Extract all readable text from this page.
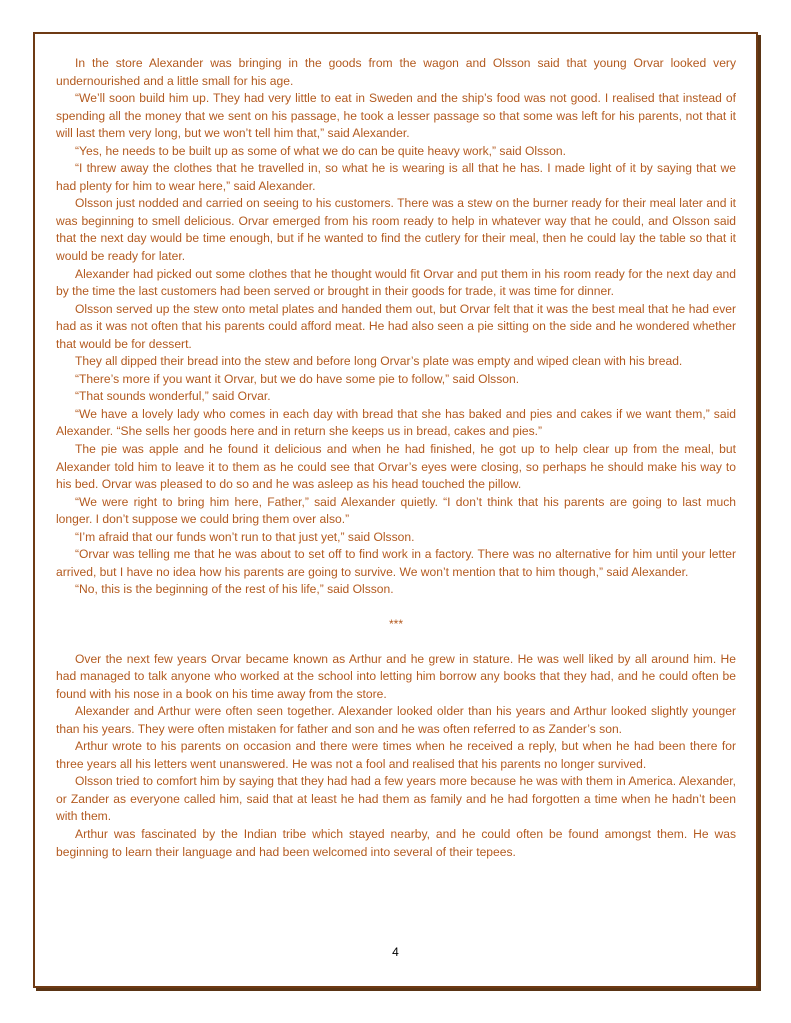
In the store Alexander was bringing in the goods from the wagon and Olsson said that young Orvar looked very undernourished and a little small for his age.

“We’ll soon build him up. They had very little to eat in Sweden and the ship’s food was not good. I realised that instead of spending all the money that we sent on his passage, he took a lesser passage so that some was left for his parents, not that it will last them very long, but we won’t tell him that,” said Alexander.

“Yes, he needs to be built up as some of what we do can be quite heavy work,” said Olsson.

“I threw away the clothes that he travelled in, so what he is wearing is all that he has. I made light of it by saying that we had plenty for him to wear here,” said Alexander.

Olsson just nodded and carried on seeing to his customers. There was a stew on the burner ready for their meal later and it was beginning to smell delicious. Orvar emerged from his room ready to help in whatever way that he could, and Olsson said that the next day would be time enough, but if he wanted to find the cutlery for their meal, then he could lay the table so that it would be ready for later.

Alexander had picked out some clothes that he thought would fit Orvar and put them in his room ready for the next day and by the time the last customers had been served or brought in their goods for trade, it was time for dinner.

Olsson served up the stew onto metal plates and handed them out, but Orvar felt that it was the best meal that he had ever had as it was not often that his parents could afford meat. He had also seen a pie sitting on the side and he wondered whether that would be for dessert.

They all dipped their bread into the stew and before long Orvar’s plate was empty and wiped clean with his bread.

“There’s more if you want it Orvar, but we do have some pie to follow,” said Olsson.

“That sounds wonderful,” said Orvar.

“We have a lovely lady who comes in each day with bread that she has baked and pies and cakes if we want them,” said Alexander. “She sells her goods here and in return she keeps us in bread, cakes and pies.”

The pie was apple and he found it delicious and when he had finished, he got up to help clear up from the meal, but Alexander told him to leave it to them as he could see that Orvar’s eyes were closing, so perhaps he should make his way to his bed. Orvar was pleased to do so and he was asleep as his head touched the pillow.

“We were right to bring him here, Father,” said Alexander quietly. “I don’t think that his parents are going to last much longer. I don’t suppose we could bring them over also.”

“I’m afraid that our funds won’t run to that just yet,” said Olsson.

“Orvar was telling me that he was about to set off to find work in a factory. There was no alternative for him until your letter arrived, but I have no idea how his parents are going to survive. We won’t mention that to him though,” said Alexander.

“No, this is the beginning of the rest of his life,” said Olsson.

***

Over the next few years Orvar became known as Arthur and he grew in stature. He was well liked by all around him. He had managed to talk anyone who worked at the school into letting him borrow any books that they had, and he could often be found with his nose in a book on his time away from the store.

Alexander and Arthur were often seen together. Alexander looked older than his years and Arthur looked slightly younger than his years. They were often mistaken for father and son and he was often referred to as Zander’s son.

Arthur wrote to his parents on occasion and there were times when he received a reply, but when he had been there for three years all his letters went unanswered. He was not a fool and realised that his parents no longer survived.

Olsson tried to comfort him by saying that they had had a few years more because he was with them in America. Alexander, or Zander as everyone called him, said that at least he had them as family and he had forgotten a time when he hadn’t been with them.

Arthur was fascinated by the Indian tribe which stayed nearby, and he could often be found amongst them. He was beginning to learn their language and had been welcomed into several of their tepees.

4
